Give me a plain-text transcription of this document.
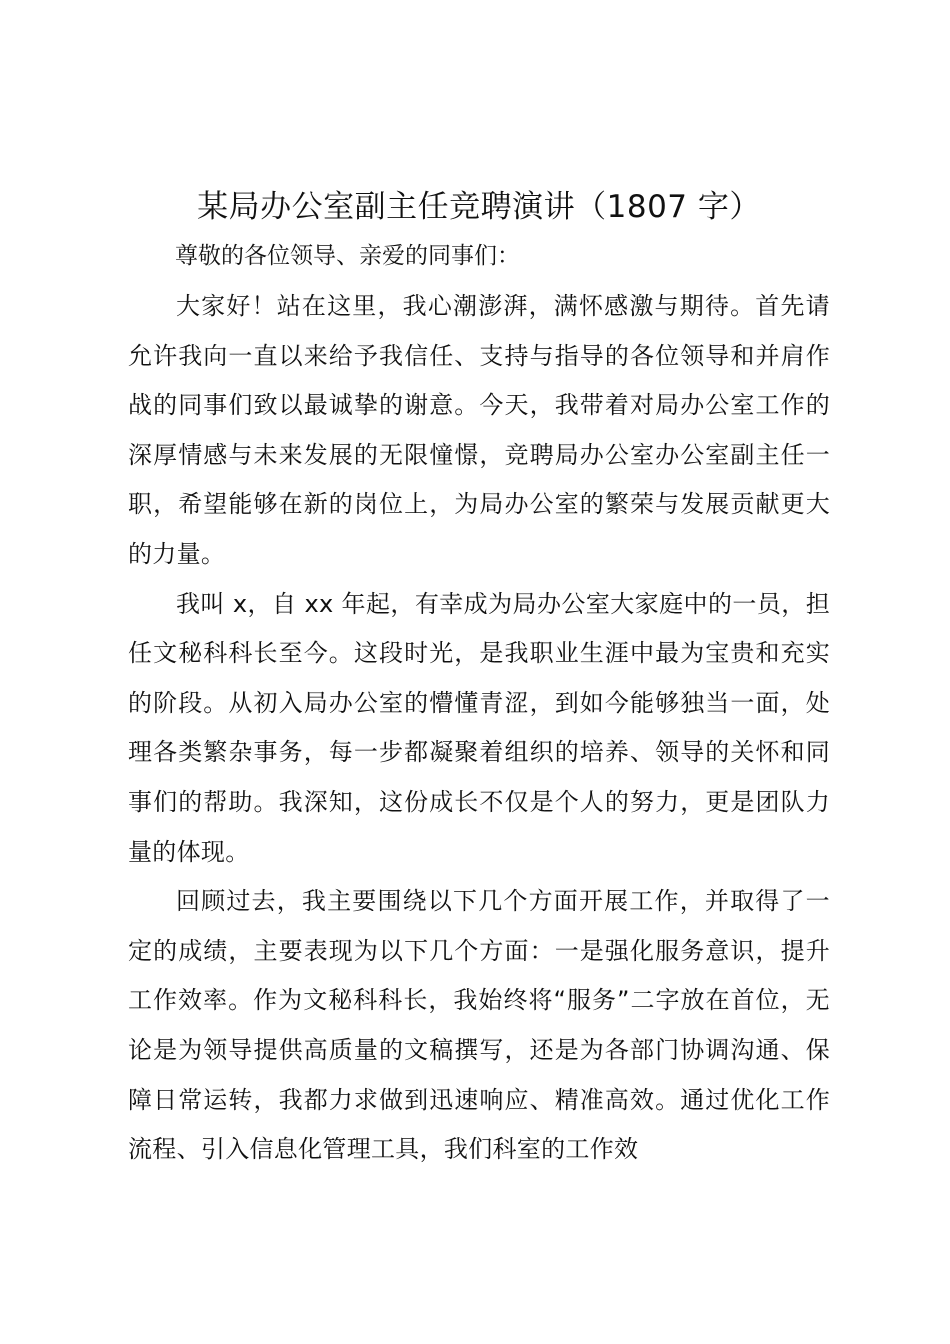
某局办公室副主任竞聘演讲（1807 字）
尊敬的各位领导、亲爱的同事们：

大家好！站在这里，我心潮澎湃，满怀感激与期待。首先请允许我向一直以来给予我信任、支持与指导的各位领导和并肩作战的同事们致以最诚挚的谢意。今天，我带着对局办公室工作的深厚情感与未来发展的无限憧憬，竞聘局办公室办公室副主任一职，希望能够在新的岗位上，为局办公室的繁荣与发展贡献更大的力量。

我叫 x，自 xx 年起，有幸成为局办公室大家庭中的一员，担任文秘科科长至今。这段时光，是我职业生涯中最为宝贵和充实的阶段。从初入局办公室的懵懂青涩，到如今能够独当一面，处理各类繁杂事务，每一步都凝聚着组织的培养、领导的关怀和同事们的帮助。我深知，这份成长不仅是个人的努力，更是团队力量的体现。

回顾过去，我主要围绕以下几个方面开展工作，并取得了一定的成绩，主要表现为以下几个方面：一是强化服务意识，提升工作效率。作为文秘科科长，我始终将“服务”二字放在首位，无论是为领导提供高质量的文稿撰写，还是为各部门协调沟通、保障日常运转，我都力求做到迅速响应、精准高效。通过优化工作流程、引入信息化管理工具，我们科室的工作效
